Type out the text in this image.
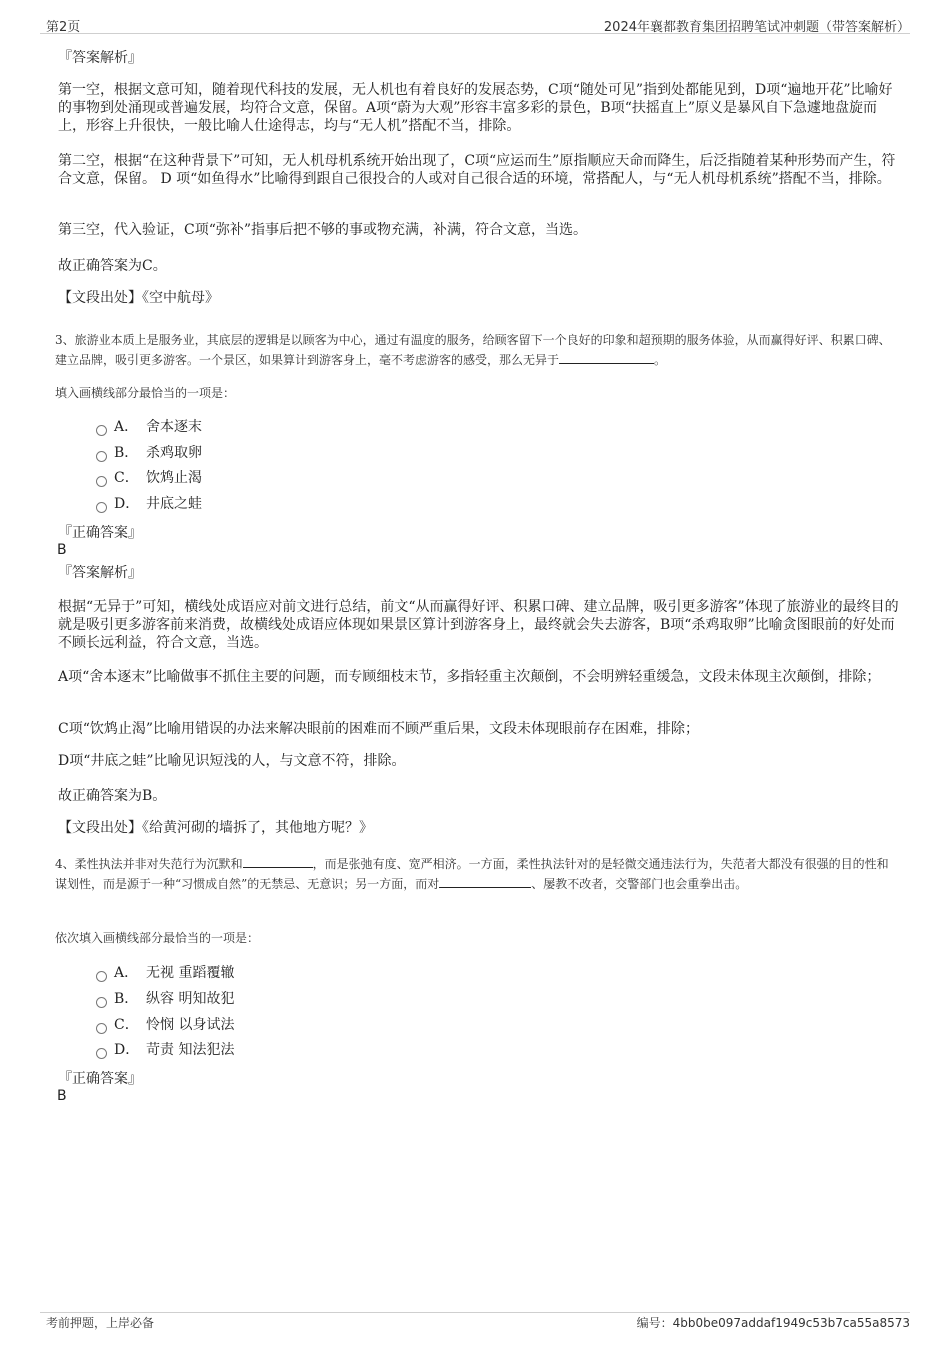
第2页	2024年襄都教育集团招聘笔试冲刺题（带答案解析）

『答案解析』

第一空，根据文意可知，随着现代科技的发展，无人机也有着良好的发展态势，C项“随处可见”指到处都能见到，D项“遍地开花”比喻好的事物到处涌现或普遍发展，均符合文意，保留。A项“蔚为大观”形容丰富多彩的景色，B项“扶摇直上”原义是暴风自下急遽地盘旋而上，形容上升很快，一般比喻人仕途得志，均与“无人机”搭配不当，排除。

第二空，根据“在这种背景下”可知，无人机母机系统开始出现了，C项“应运而生”原指顺应天命而降生，后泛指随着某种形势而产生，符合文意，保留。 D 项“如鱼得水”比喻得到跟自己很投合的人或对自己很合适的环境，常搭配人，与“无人机母机系统”搭配不当，排除。

第三空，代入验证，C项“弥补”指事后把不够的事或物充满，补满，符合文意，当选。

故正确答案为C。

【文段出处】《空中航母》

3、旅游业本质上是服务业，其底层的逻辑是以顾客为中心，通过有温度的服务，给顾客留下一个良好的印象和超预期的服务体验，从而赢得好评、积累口碑、建立品牌，吸引更多游客。一个景区，如果算计到游客身上，毫不考虑游客的感受，那么无异于	。

填入画横线部分最恰当的一项是：

A． 舍本逐末
B． 杀鸡取卵
C． 饮鸩止渴
D． 井底之蛙

『正确答案』

B

『答案解析』

根据“无异于”可知，横线处成语应对前文进行总结，前文“从而赢得好评、积累口碑、建立品牌，吸引更多游客”体现了旅游业的最终目的就是吸引更多游客前来消费，故横线处成语应体现如果景区算计到游客身上，最终就会失去游客，B项“杀鸡取卵”比喻贪图眼前的好处而不顾长远利益，符合文意，当选。

A项“舍本逐末”比喻做事不抓住主要的问题，而专顾细枝末节，多指轻重主次颠倒，不会明辨轻重缓急，文段未体现主次颠倒，排除；

C项“饮鸩止渴”比喻用错误的办法来解决眼前的困难而不顾严重后果，文段未体现眼前存在困难，排除；

D项“井底之蛙”比喻见识短浅的人，与文意不符，排除。

故正确答案为B。

【文段出处】《给黄河砌的墙拆了，其他地方呢？》

4、柔性执法并非对失范行为沉默和	，而是张弛有度、宽严相济。一方面，柔性执法针对的是轻微交通违法行为，失范者大都没有很强的目的性和谋划性，而是源于一种“习惯成自然”的无禁忌、无意识；另一方面，而对	、屡教不改者，交警部门也会重拳出击。

依次填入画横线部分最恰当的一项是：

A． 无视 重蹈覆辙
B． 纵容 明知故犯
C． 怜悯 以身试法
D． 苛责 知法犯法

『正确答案』

B

考前押题，上岸必备	编号：4bb0be097addaf1949c53b7ca55a8573
